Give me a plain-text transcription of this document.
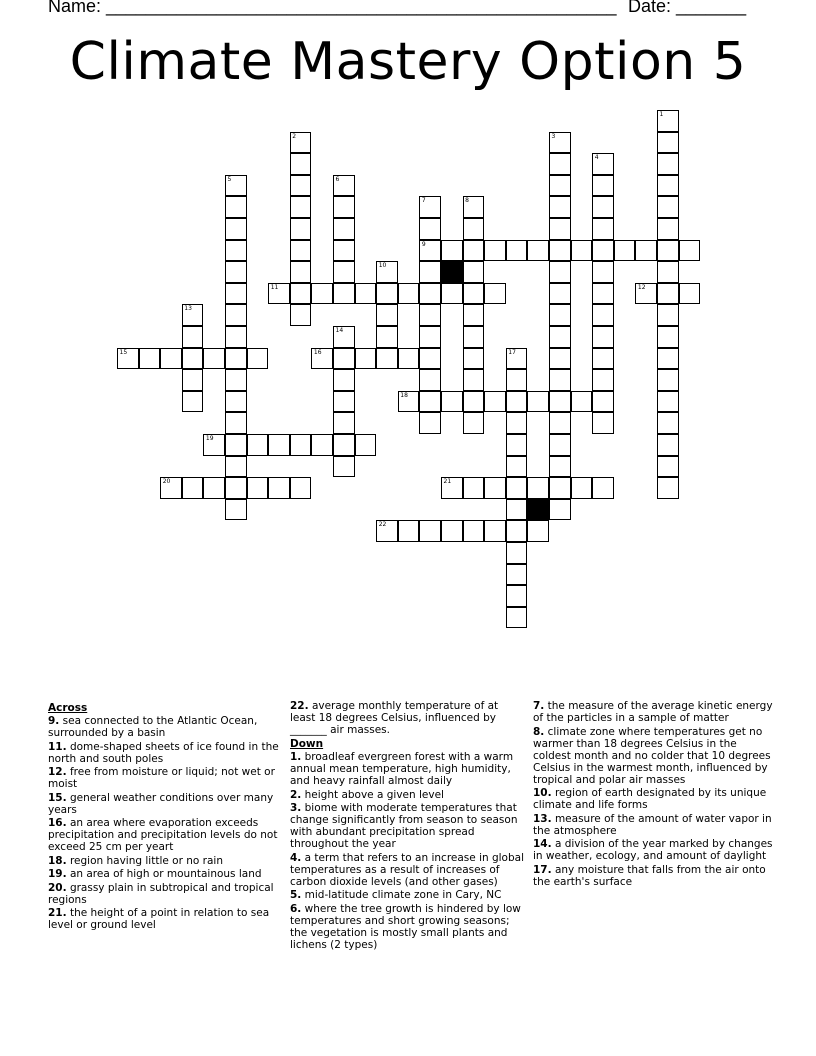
Name: ___________________________________________________ Date: _______
Climate Mastery Option 5
9
11	12
15	16
18
19
20	21
22
1
2	3
4
5	6
7	8
10
13
14
17
Across
9. sea connected to the Atlantic Ocean, surrounded by a basin
11. dome-shaped sheets of ice found in the north and south poles
12. free from moisture or liquid; not wet or moist
15. general weather conditions over many years
16. an area where evaporation exceeds precipitation and precipitation levels do not exceed 25 cm per yeart
18. region having little or no rain
19. an area of high or mountainous land
20. grassy plain in subtropical and tropical regions
21. the height of a point in relation to sea level or ground level
22. average monthly temperature of at least 18 degrees Celsius, influenced by _______ air masses.
Down
1. broadleaf evergreen forest with a warm annual mean temperature, high humidity, and heavy rainfall almost daily
2. height above a given level
3. biome with moderate temperatures that change significantly from season to season with abundant precipitation spread throughout the year
4. a term that refers to an increase in global temperatures as a result of increases of carbon dioxide levels (and other gases)
5. mid-latitude climate zone in Cary, NC
6. where the tree growth is hindered by low temperatures and short growing seasons; the vegetation is mostly small plants and lichens (2 types)
7. the measure of the average kinetic energy of the particles in a sample of matter
8. climate zone where temperatures get no warmer than 18 degrees Celsius in the coldest month and no colder that 10 degrees Celsius in the warmest month, influenced by tropical and polar air masses
10. region of earth designated by its unique climate and life forms
13. measure of the amount of water vapor in the atmosphere
14. a division of the year marked by changes in weather, ecology, and amount of daylight
17. any moisture that falls from the air onto the earth's surface
